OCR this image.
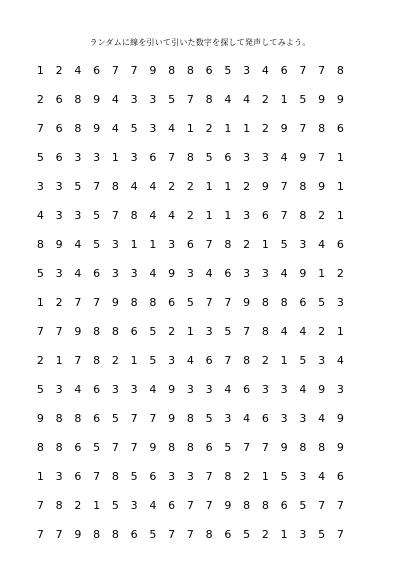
ランダムに線を引いて引いた数字を探して発声してみよう。
1	2	4	6	7	7	9	8	8	6	5	3	4	6	7	7	8
2	6	8	9	4	3	3	5	7	8	4	4	2	1	5	9	9
7	6	8	9	4	5	3	4	1	2	1	1	2	9	7	8	6
5	6	3	3	1	3	6	7	8	5	6	3	3	4	9	7	1
3	3	5	7	8	4	4	2	2	1	1	2	9	7	8	9	1
4	3	3	5	7	8	4	4	2	1	1	3	6	7	8	2	1
8	9	4	5	3	1	1	3	6	7	8	2	1	5	3	4	6
5	3	4	6	3	3	4	9	3	4	6	3	3	4	9	1	2
1	2	7	7	9	8	8	6	5	7	7	9	8	8	6	5	3
7	7	9	8	8	6	5	2	1	3	5	7	8	4	4	2	1
2	1	7	8	2	1	5	3	4	6	7	8	2	1	5	3	4
5	3	4	6	3	3	4	9	3	3	4	6	3	3	4	9	3
9	8	8	6	5	7	7	9	8	5	3	4	6	3	3	4	9
8	8	6	5	7	7	9	8	8	6	5	7	7	9	8	8	9
1	3	6	7	8	5	6	3	3	7	8	2	1	5	3	4	6
7	8	2	1	5	3	4	6	7	7	9	8	8	6	5	7	7
7	7	9	8	8	6	5	7	7	8	6	5	2	1	3	5	7
